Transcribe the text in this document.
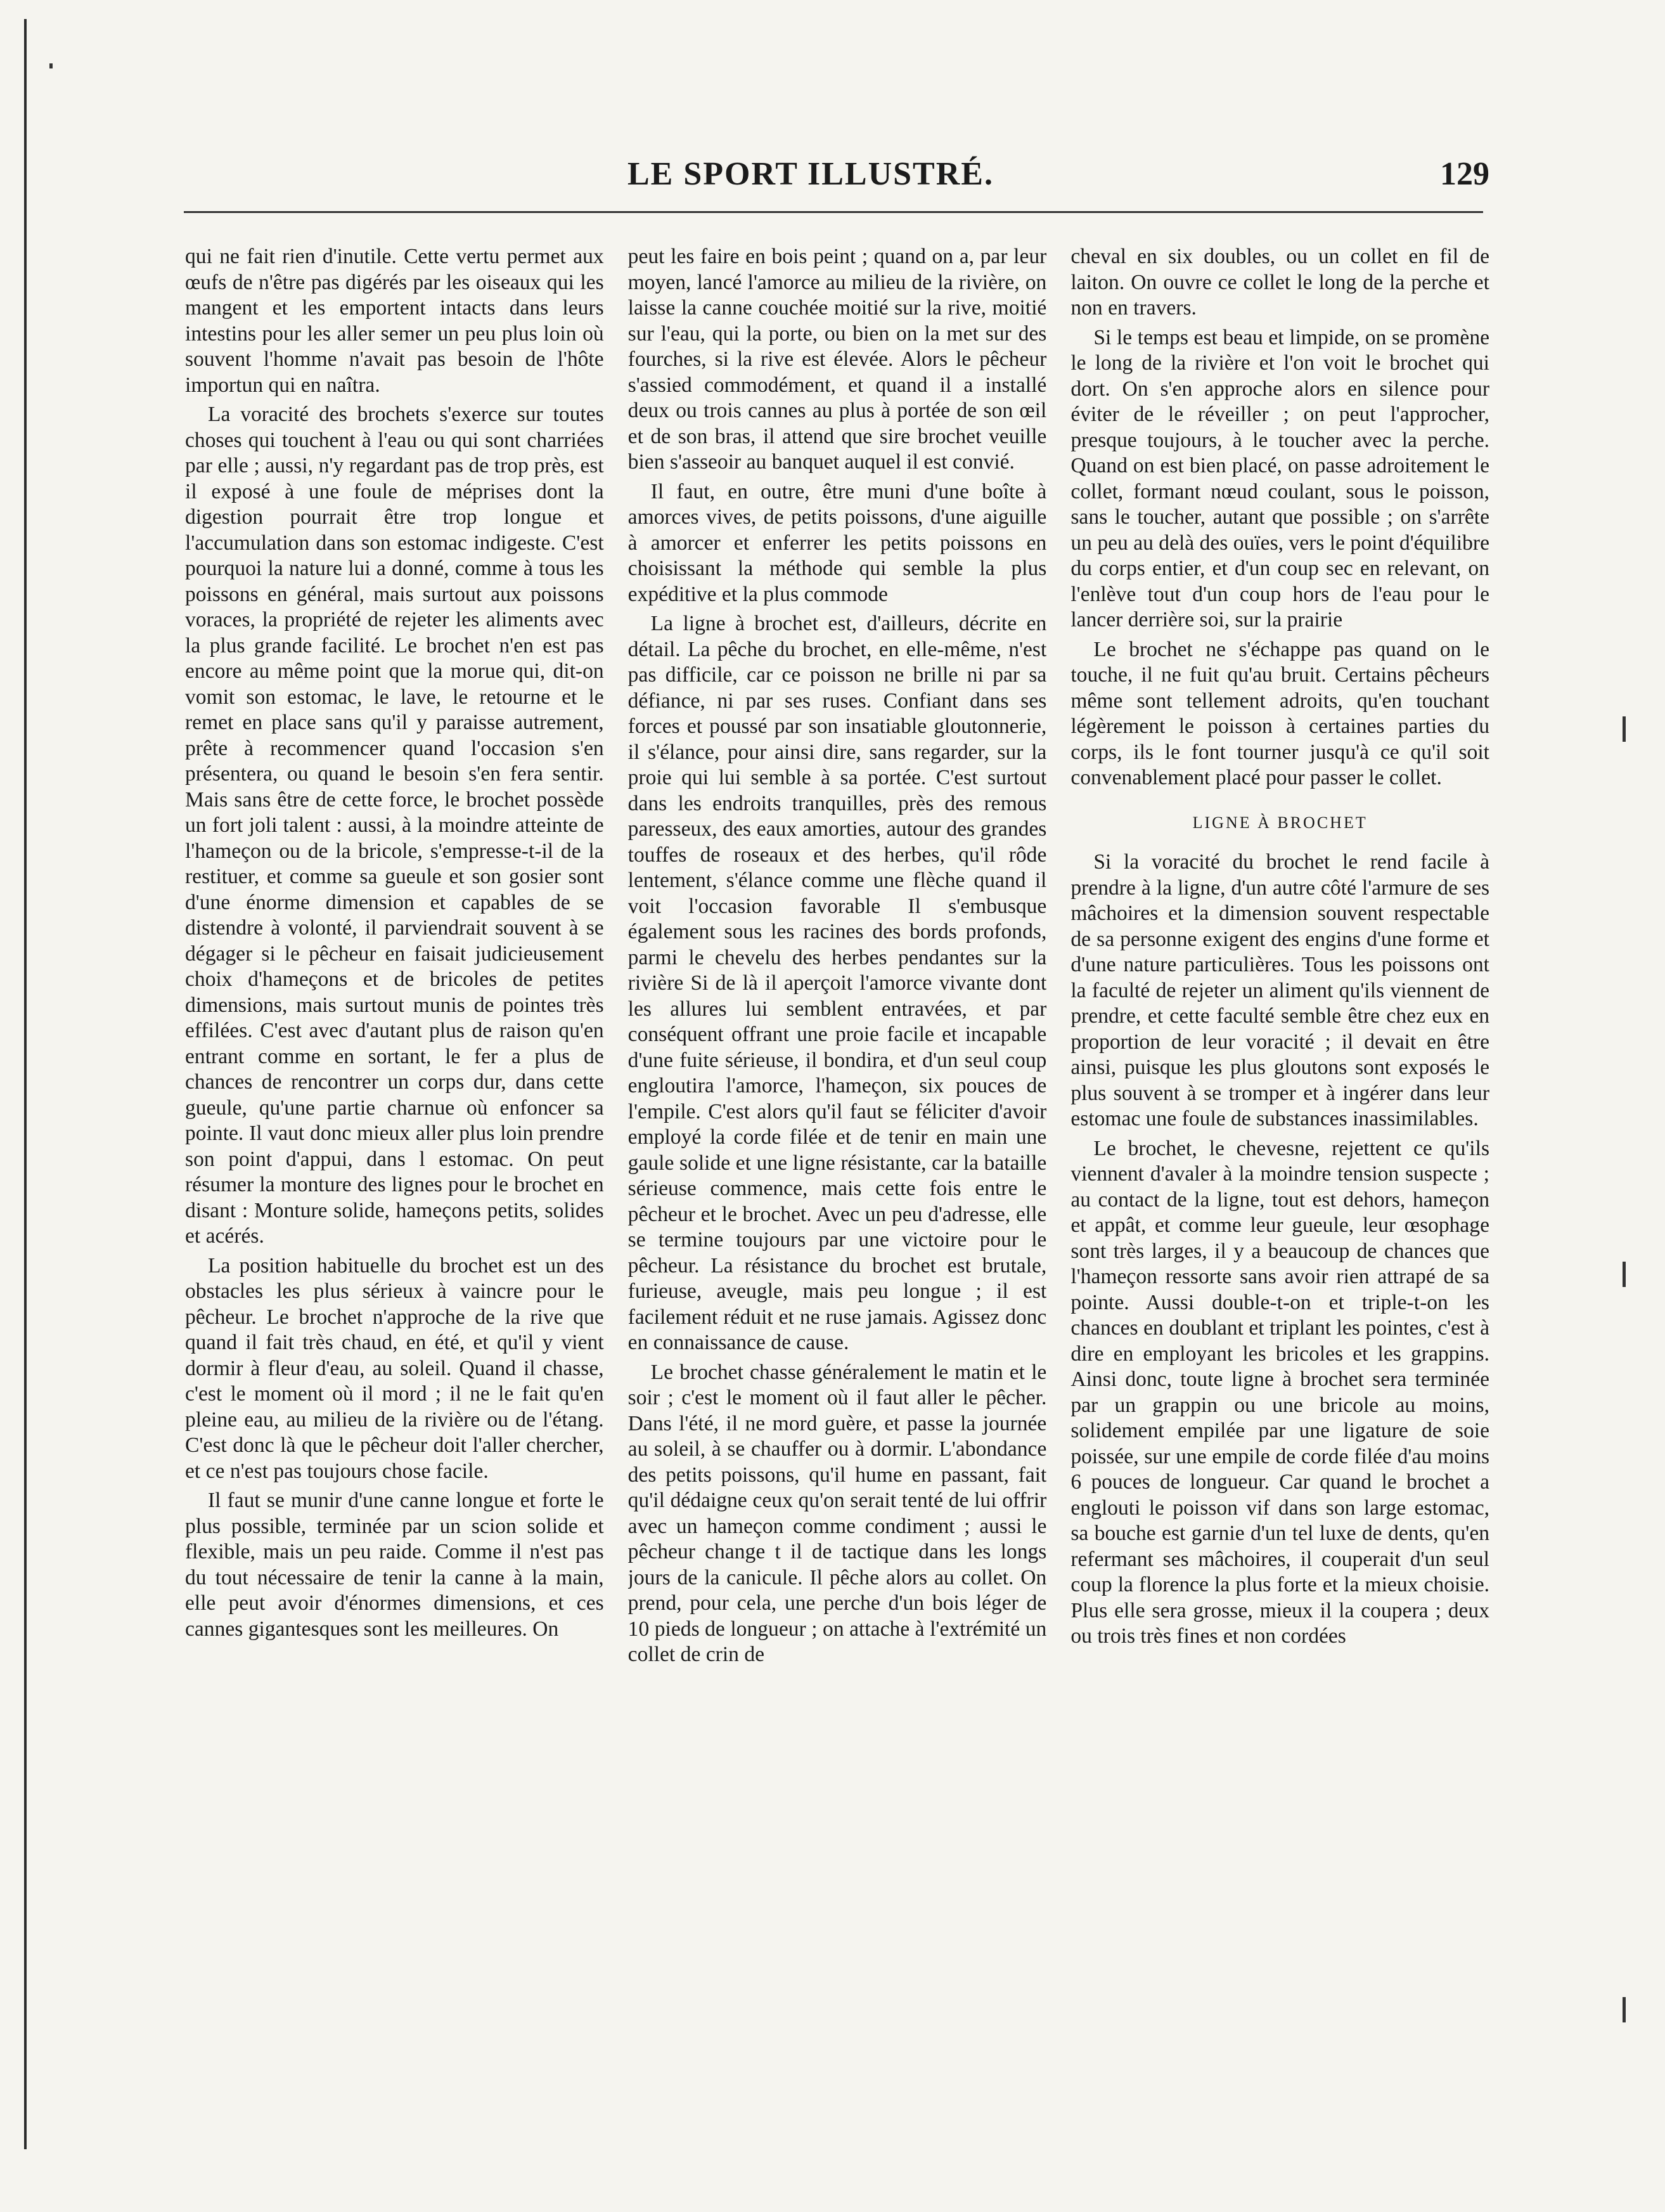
LE SPORT ILLUSTRÉ.	129

qui ne fait rien d'inutile. Cette vertu permet aux œufs de n'être pas digérés par les oiseaux qui les mangent et les emportent intacts dans leurs intestins pour les aller semer un peu plus loin où souvent l'homme n'avait pas besoin de l'hôte importun qui en naîtra.

La voracité des brochets s'exerce sur toutes choses qui touchent à l'eau ou qui sont charriées par elle ; aussi, n'y regardant pas de trop près, est il exposé à une foule de méprises dont la digestion pourrait être trop longue et l'accumulation dans son estomac indigeste. C'est pourquoi la nature lui a donné, comme à tous les poissons en général, mais surtout aux poissons voraces, la propriété de rejeter les aliments avec la plus grande facilité. Le brochet n'en est pas encore au même point que la morue qui, dit-on vomit son estomac, le lave, le retourne et le remet en place sans qu'il y paraisse autrement, prête à recommencer quand l'occasion s'en présentera, ou quand le besoin s'en fera sentir. Mais sans être de cette force, le brochet possède un fort joli talent : aussi, à la moindre atteinte de l'hameçon ou de la bricole, s'empresse-t-il de la restituer, et comme sa gueule et son gosier sont d'une énorme dimension et capables de se distendre à volonté, il parviendrait souvent à se dégager si le pêcheur en faisait judicieusement choix d'hameçons et de bricoles de petites dimensions, mais surtout munis de pointes très effilées. C'est avec d'autant plus de raison qu'en entrant comme en sortant, le fer a plus de chances de rencontrer un corps dur, dans cette gueule, qu'une partie charnue où enfoncer sa pointe. Il vaut donc mieux aller plus loin prendre son point d'appui, dans l estomac. On peut résumer la monture des lignes pour le brochet en disant : Monture solide, hameçons petits, solides et acérés.

La position habituelle du brochet est un des obstacles les plus sérieux à vaincre pour le pêcheur. Le brochet n'approche de la rive que quand il fait très chaud, en été, et qu'il y vient dormir à fleur d'eau, au soleil. Quand il chasse, c'est le moment où il mord ; il ne le fait qu'en pleine eau, au milieu de la rivière ou de l'étang. C'est donc là que le pêcheur doit l'aller chercher, et ce n'est pas toujours chose facile.

Il faut se munir d'une canne longue et forte le plus possible, terminée par un scion solide et flexible, mais un peu raide. Comme il n'est pas du tout nécessaire de tenir la canne à la main, elle peut avoir d'énormes dimensions, et ces cannes gigantesques sont les meilleures. On

peut les faire en bois peint ; quand on a, par leur moyen, lancé l'amorce au milieu de la rivière, on laisse la canne couchée moitié sur la rive, moitié sur l'eau, qui la porte, ou bien on la met sur des fourches, si la rive est élevée. Alors le pêcheur s'assied commodément, et quand il a installé deux ou trois cannes au plus à portée de son œil et de son bras, il attend que sire brochet veuille bien s'asseoir au banquet auquel il est convié.

Il faut, en outre, être muni d'une boîte à amorces vives, de petits poissons, d'une aiguille à amorcer et enferrer les petits poissons en choisissant la méthode qui semble la plus expéditive et la plus commode

La ligne à brochet est, d'ailleurs, décrite en détail. La pêche du brochet, en elle-même, n'est pas difficile, car ce poisson ne brille ni par sa défiance, ni par ses ruses. Confiant dans ses forces et poussé par son insatiable gloutonnerie, il s'élance, pour ainsi dire, sans regarder, sur la proie qui lui semble à sa portée. C'est surtout dans les endroits tranquilles, près des remous paresseux, des eaux amorties, autour des grandes touffes de roseaux et des herbes, qu'il rôde lentement, s'élance comme une flèche quand il voit l'occasion favorable Il s'embusque également sous les racines des bords profonds, parmi le chevelu des herbes pendantes sur la rivière Si de là il aperçoit l'amorce vivante dont les allures lui semblent entravées, et par conséquent offrant une proie facile et incapable d'une fuite sérieuse, il bondira, et d'un seul coup engloutira l'amorce, l'hameçon, six pouces de l'empile. C'est alors qu'il faut se féliciter d'avoir employé la corde filée et de tenir en main une gaule solide et une ligne résistante, car la bataille sérieuse commence, mais cette fois entre le pêcheur et le brochet. Avec un peu d'adresse, elle se termine toujours par une victoire pour le pêcheur. La résistance du brochet est brutale, furieuse, aveugle, mais peu longue ; il est facilement réduit et ne ruse jamais. Agissez donc en connaissance de cause.

Le brochet chasse généralement le matin et le soir ; c'est le moment où il faut aller le pêcher. Dans l'été, il ne mord guère, et passe la journée au soleil, à se chauffer ou à dormir. L'abondance des petits poissons, qu'il hume en passant, fait qu'il dédaigne ceux qu'on serait tenté de lui offrir avec un hameçon comme condiment ; aussi le pêcheur change t il de tactique dans les longs jours de la canicule. Il pêche alors au collet. On prend, pour cela, une perche d'un bois léger de 10 pieds de longueur ; on attache à l'extrémité un collet de crin de

cheval en six doubles, ou un collet en fil de laiton. On ouvre ce collet le long de la perche et non en travers.

Si le temps est beau et limpide, on se promène le long de la rivière et l'on voit le brochet qui dort. On s'en approche alors en silence pour éviter de le réveiller ; on peut l'approcher, presque toujours, à le toucher avec la perche. Quand on est bien placé, on passe adroitement le collet, formant nœud coulant, sous le poisson, sans le toucher, autant que possible ; on s'arrête un peu au delà des ouïes, vers le point d'équilibre du corps entier, et d'un coup sec en relevant, on l'enlève tout d'un coup hors de l'eau pour le lancer derrière soi, sur la prairie

Le brochet ne s'échappe pas quand on le touche, il ne fuit qu'au bruit. Certains pêcheurs même sont tellement adroits, qu'en touchant légèrement le poisson à certaines parties du corps, ils le font tourner jusqu'à ce qu'il soit convenablement placé pour passer le collet.

LIGNE À BROCHET

Si la voracité du brochet le rend facile à prendre à la ligne, d'un autre côté l'armure de ses mâchoires et la dimension souvent respectable de sa personne exigent des engins d'une forme et d'une nature particulières. Tous les poissons ont la faculté de rejeter un aliment qu'ils viennent de prendre, et cette faculté semble être chez eux en proportion de leur voracité ; il devait en être ainsi, puisque les plus gloutons sont exposés le plus souvent à se tromper et à ingérer dans leur estomac une foule de substances inassimilables.

Le brochet, le chevesne, rejettent ce qu'ils viennent d'avaler à la moindre tension suspecte ; au contact de la ligne, tout est dehors, hameçon et appât, et comme leur gueule, leur œsophage sont très larges, il y a beaucoup de chances que l'hameçon ressorte sans avoir rien attrapé de sa pointe. Aussi double-t-on et triple-t-on les chances en doublant et triplant les pointes, c'est à dire en employant les bricoles et les grappins. Ainsi donc, toute ligne à brochet sera terminée par un grappin ou une bricole au moins, solidement empilée par une ligature de soie poissée, sur une empile de corde filée d'au moins 6 pouces de longueur. Car quand le brochet a englouti le poisson vif dans son large estomac, sa bouche est garnie d'un tel luxe de dents, qu'en refermant ses mâchoires, il couperait d'un seul coup la florence la plus forte et la mieux choisie. Plus elle sera grosse, mieux il la coupera ; deux ou trois très fines et non cordées
